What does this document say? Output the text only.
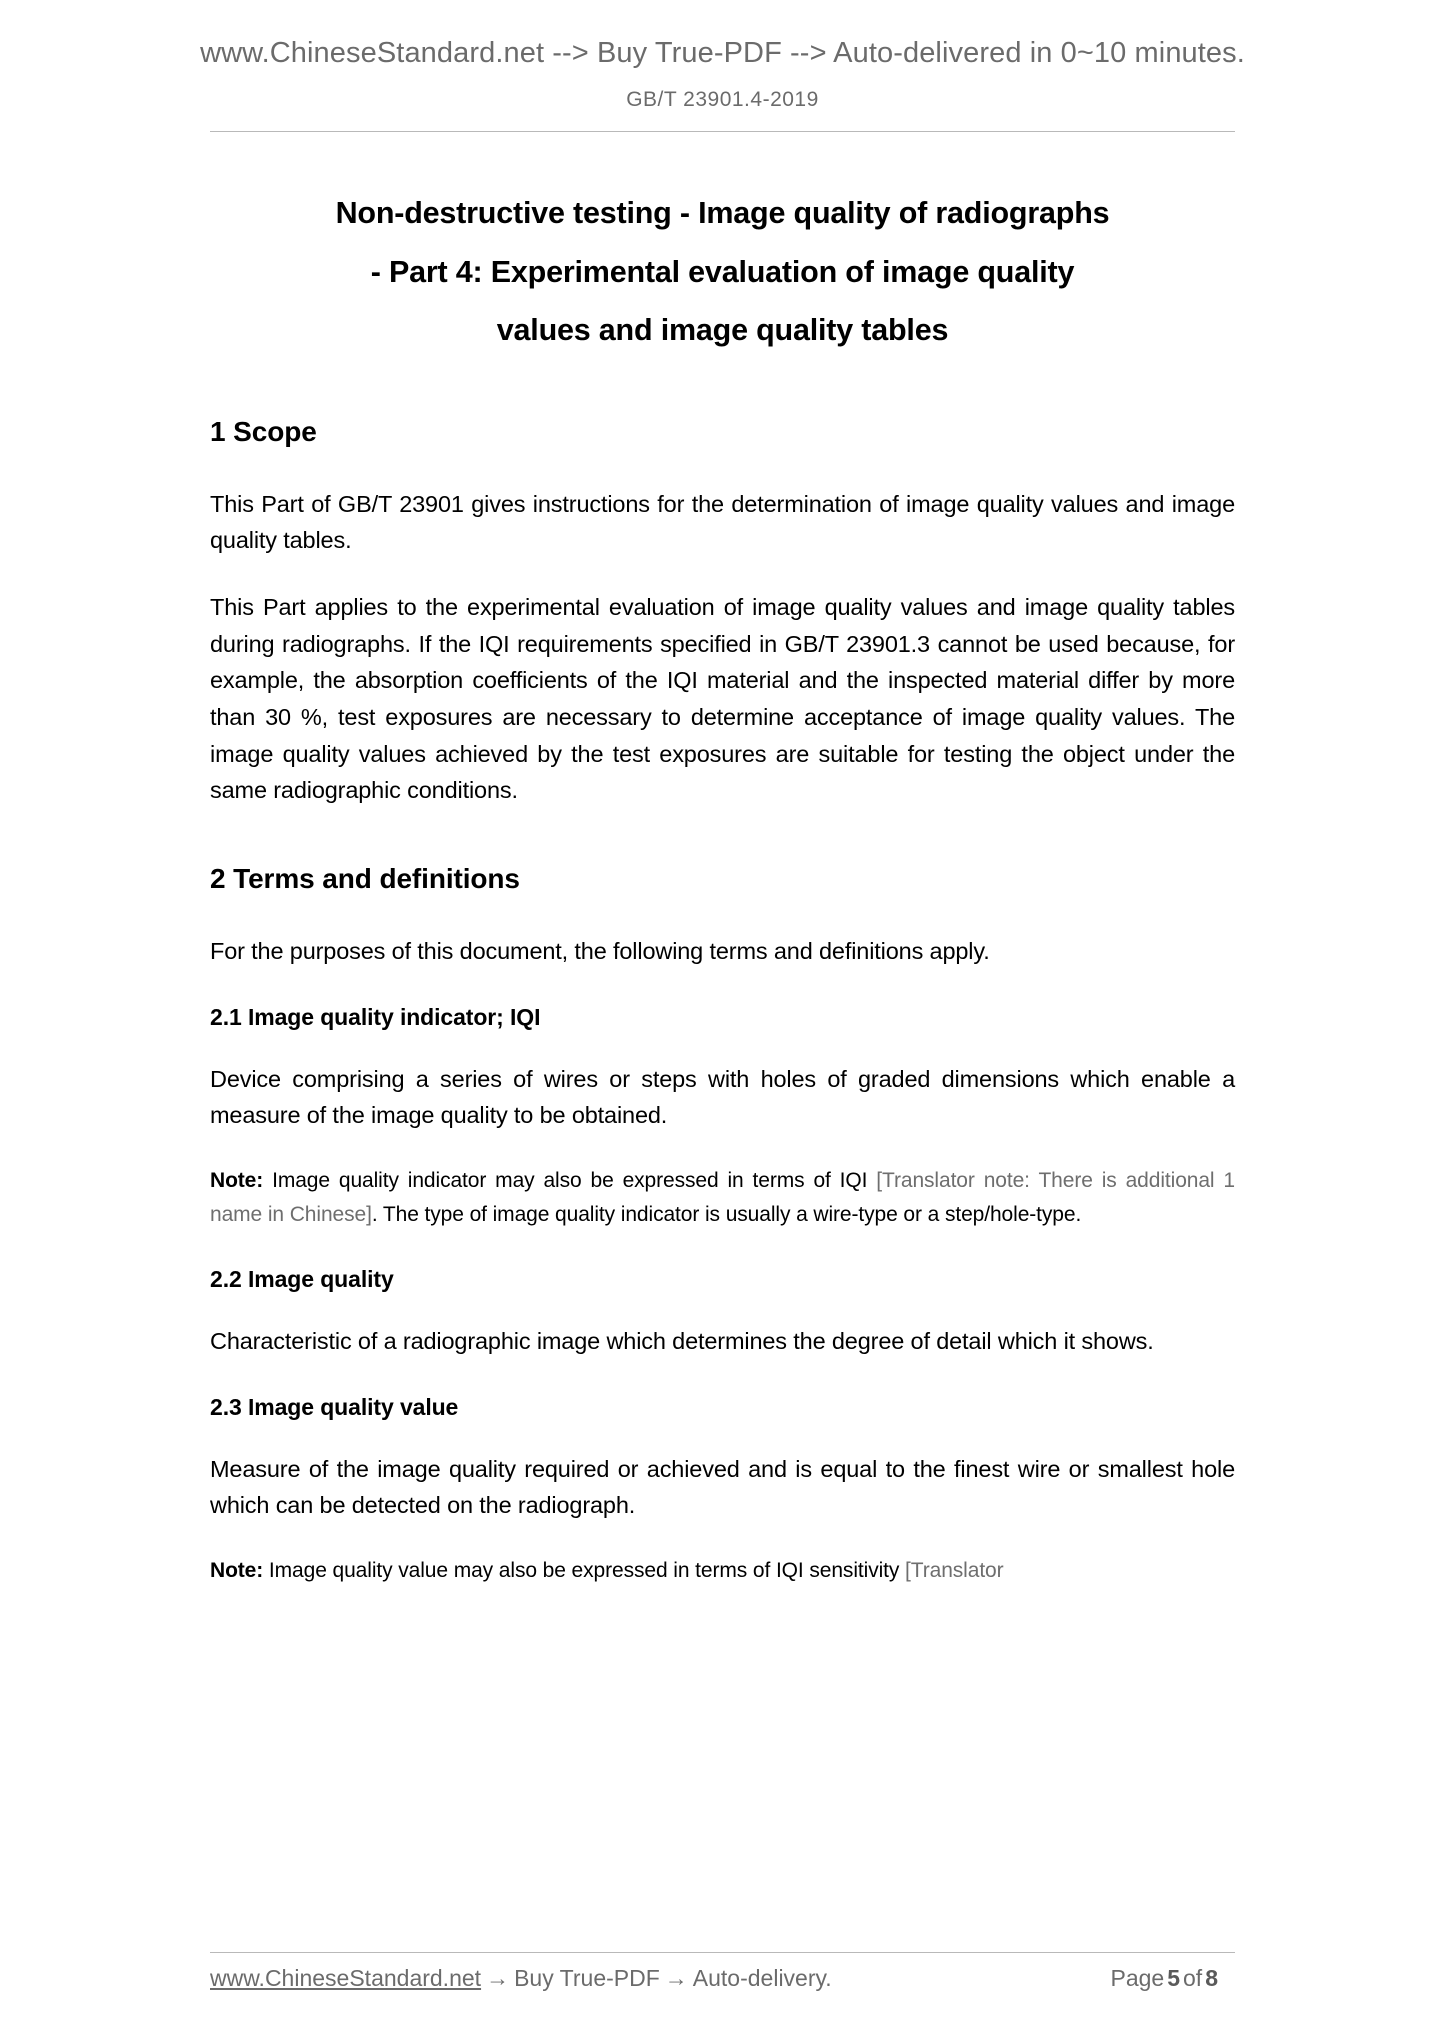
www.ChineseStandard.net --> Buy True-PDF --> Auto-delivered in 0~10 minutes.
GB/T 23901.4-2019
Non-destructive testing - Image quality of radiographs
- Part 4: Experimental evaluation of image quality
values and image quality tables
1 Scope

This Part of GB/T 23901 gives instructions for the determination of image quality values and image quality tables.

This Part applies to the experimental evaluation of image quality values and image quality tables during radiographs. If the IQI requirements specified in GB/T 23901.3 cannot be used because, for example, the absorption coefficients of the IQI material and the inspected material differ by more than 30 %, test exposures are necessary to determine acceptance of image quality values. The image quality values achieved by the test exposures are suitable for testing the object under the same radiographic conditions.

2 Terms and definitions

For the purposes of this document, the following terms and definitions apply.

2.1 Image quality indicator; IQI

Device comprising a series of wires or steps with holes of graded dimensions which enable a measure of the image quality to be obtained.

Note: Image quality indicator may also be expressed in terms of IQI [Translator note: There is additional 1 name in Chinese]. The type of image quality indicator is usually a wire-type or a step/hole-type.

2.2 Image quality

Characteristic of a radiographic image which determines the degree of detail which it shows.

2.3 Image quality value

Measure of the image quality required or achieved and is equal to the finest wire or smallest hole which can be detected on the radiograph.

Note: Image quality value may also be expressed in terms of IQI sensitivity [Translator

www.ChineseStandard.net → Buy True-PDF → Auto-delivery.	Page 5 of 8
